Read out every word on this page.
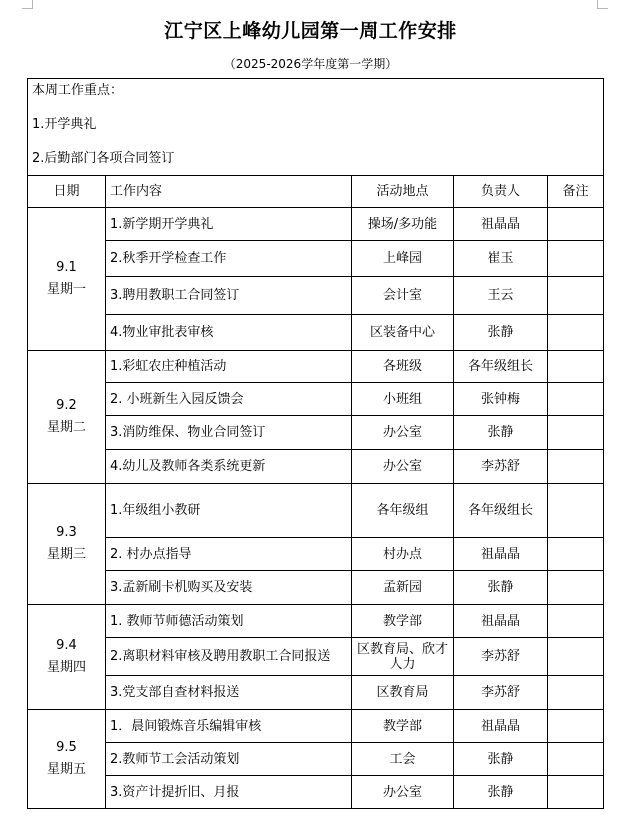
江宁区上峰幼儿园第一周工作安排
（2025-2026学年度第一学期）
本周工作重点：
1.开学典礼
2.后勤部门各项合同签订				

日期	工作内容	活动地点	负责人	备注

9.1
星期一	1.新学期开学典礼	操场/多功能	祖晶晶	
	2.秋季开学检查工作	上峰园	崔玉	
	3.聘用教职工合同签订	会计室	王云	
	4.物业审批表审核	区装备中心	张静	

9.2
星期二	1.彩虹农庄种植活动	各班级	各年级组长	
	2. 小班新生入园反馈会	小班组	张钟梅	
	3.消防维保、物业合同签订	办公室	张静	
	4.幼儿及教师各类系统更新	办公室	李苏舒	

9.3
星期三	1.年级组小教研	各年级组	各年级组长	
	2. 村办点指导	村办点	祖晶晶	
	3.孟新刷卡机购买及安装	孟新园	张静	

9.4
星期四	1. 教师节师德活动策划	教学部	祖晶晶	
	2.离职材料审核及聘用教职工合同报送	区教育局、欣才人力	李苏舒	
	3.党支部自查材料报送	区教育局	李苏舒	

9.5
星期五	1．晨间锻炼音乐编辑审核	教学部	祖晶晶	
	2.教师节工会活动策划	工会	张静	
	3.资产计提折旧、月报	办公室	张静	
